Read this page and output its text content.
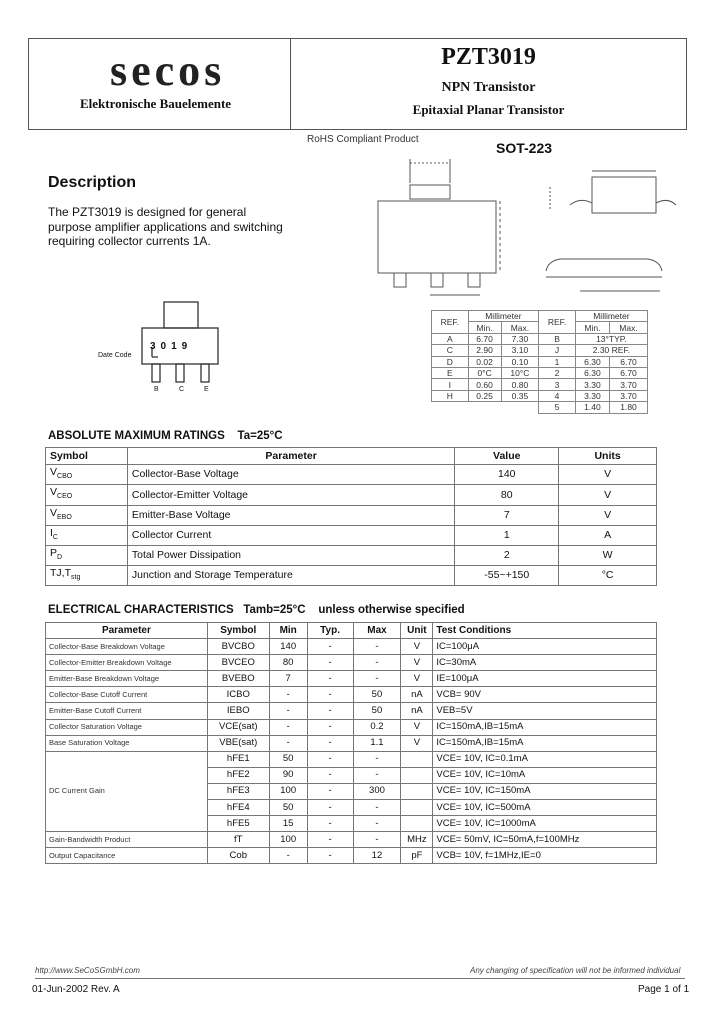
secos
Elektronische Bauelemente
PZT3019
NPN Transistor
Epitaxial Planar Transistor
RoHS Compliant Product
SOT-223
Description
The PZT3019 is designed for general purpose amplifier applications and switching requiring collector currents 1A.
Date Code
3019
B	C	E
REF.	Millimeter		REF.	Millimeter	
	Min.	Max.		Min.	Max.
A	6.70	7.30	B	13°TYP.	
C	2.90	3.10	J	2.30 REF.	
D	0.02	0.10	1	6.30	6.70
E	0°C	10°C	2	6.30	6.70
I	0.60	0.80	3	3.30	3.70
H	0.25	0.35	4	3.30	3.70
			5	1.40	1.80
ABSOLUTE MAXIMUM RATINGS Ta=25°C
Symbol	Parameter	Value	Units
$V_{CBO}$	Collector-Base Voltage	140	V
$V_{CEO}$	Collector-Emitter Voltage	80	V
$V_{EBO}$	Emitter-Base Voltage	7	V
$I_C$	Collector Current	1	A
$P_D$	Total Power Dissipation	2	W
$TJ,T_{stg}$	Junction and Storage Temperature	-55~+150	°C
ELECTRICAL CHARACTERISTICS Tamb=25°C unless otherwise specified
Parameter	Symbol	Min	Typ.	Max	Unit	Test Conditions
Collector-Base Breakdown Voltage	BVCBO	140	-	-	V	IC=100μA
Collector-Emitter Breakdown Voltage	BVCEO	80	-	-	V	IC=30mA
Emitter-Base Breakdown Voltage	BVEBO	7	-	-	V	IE=100μA
Collector-Base Cutoff Current	ICBO	-	-	50	nA	VCB= 90V
Emitter-Base Cutoff Current	IEBO	-	-	50	nA	VEB=5V
Collector Saturation Voltage	VCE(sat)	-	-	0.2	V	IC=150mA,IB=15mA
Base Saturation Voltage	VBE(sat)	-	-	1.1	V	IC=150mA,IB=15mA
DC Current Gain	hFE1	50	-	-		VCE= 10V, IC=0.1mA
	hFE2	90	-	-		VCE= 10V, IC=10mA
	hFE3	100	-	300		VCE= 10V, IC=150mA
	hFE4	50	-	-		VCE= 10V, IC=500mA
	hFE5	15	-	-		VCE= 10V, IC=1000mA
Gain-Bandwidth Product	fT	100	-	-	MHz	VCE= 50mV, IC=50mA,f=100MHz
Output Capacitance	Cob	-	-	12	pF	VCB= 10V, f=1MHz,IE=0
http://www.SeCoSGmbH.com	Any changing of specification will not be informed individual
01-Jun-2002 Rev. A	Page 1 of 1
